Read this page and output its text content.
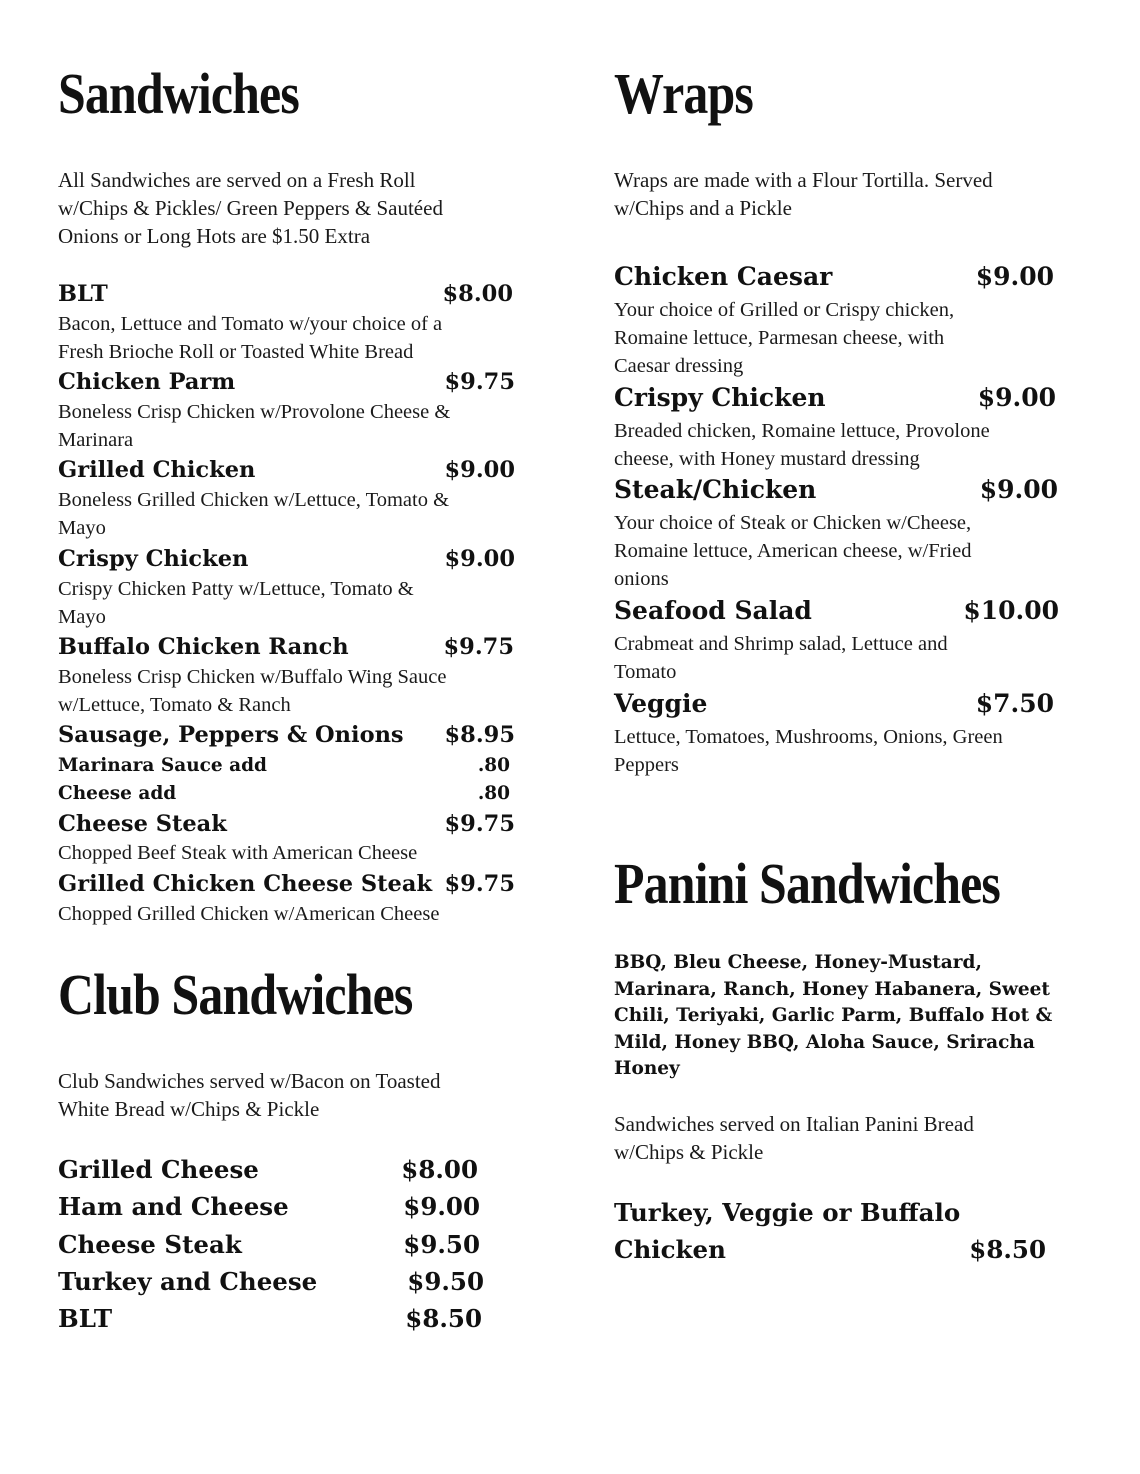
Sandwiches
All Sandwiches are served on a Fresh Roll
w/Chips & Pickles/ Green Peppers & Sautéed
Onions or Long Hots are $1.50 Extra
BLT	$8.00
Bacon, Lettuce and Tomato w/your choice of a
Fresh Brioche Roll or Toasted White Bread
Chicken Parm	$9.75
Boneless Crisp Chicken w/Provolone Cheese &
Marinara
Grilled Chicken	$9.00
Boneless Grilled Chicken w/Lettuce, Tomato &
Mayo
Crispy Chicken	$9.00
Crispy Chicken Patty w/Lettuce, Tomato &
Mayo
Buffalo Chicken Ranch	$9.75
Boneless Crisp Chicken w/Buffalo Wing Sauce
w/Lettuce, Tomato & Ranch
Sausage, Peppers & Onions $8.95
Marinara Sauce add	.80
Cheese add	.80
Cheese Steak	$9.75
Chopped Beef Steak with American Cheese
Grilled Chicken Cheese Steak $9.75
Chopped Grilled Chicken w/American Cheese
Club Sandwiches
Club Sandwiches served w/Bacon on Toasted
White Bread w/Chips & Pickle
Grilled Cheese	$8.00
Ham and Cheese	$9.00
Cheese Steak	$9.50
Turkey and Cheese	$9.50
BLT	$8.50
Wraps
Wraps are made with a Flour Tortilla. Served
w/Chips and a Pickle
Chicken Caesar	$9.00
Your choice of Grilled or Crispy chicken,
Romaine lettuce, Parmesan cheese, with
Caesar dressing
Crispy Chicken	$9.00
Breaded chicken, Romaine lettuce, Provolone
cheese, with Honey mustard dressing
Steak/Chicken	$9.00
Your choice of Steak or Chicken w/Cheese,
Romaine lettuce, American cheese, w/Fried
onions
Seafood Salad	$10.00
Crabmeat and Shrimp salad, Lettuce and
Tomato
Veggie	$7.50
Lettuce, Tomatoes, Mushrooms, Onions, Green
Peppers
Panini Sandwiches
BBQ, Bleu Cheese, Honey-Mustard,
Marinara, Ranch, Honey Habanera, Sweet
Chili, Teriyaki, Garlic Parm, Buffalo Hot &
Mild, Honey BBQ, Aloha Sauce, Sriracha
Honey
Sandwiches served on Italian Panini Bread
w/Chips & Pickle
Turkey, Veggie or Buffalo
Chicken	$8.50
